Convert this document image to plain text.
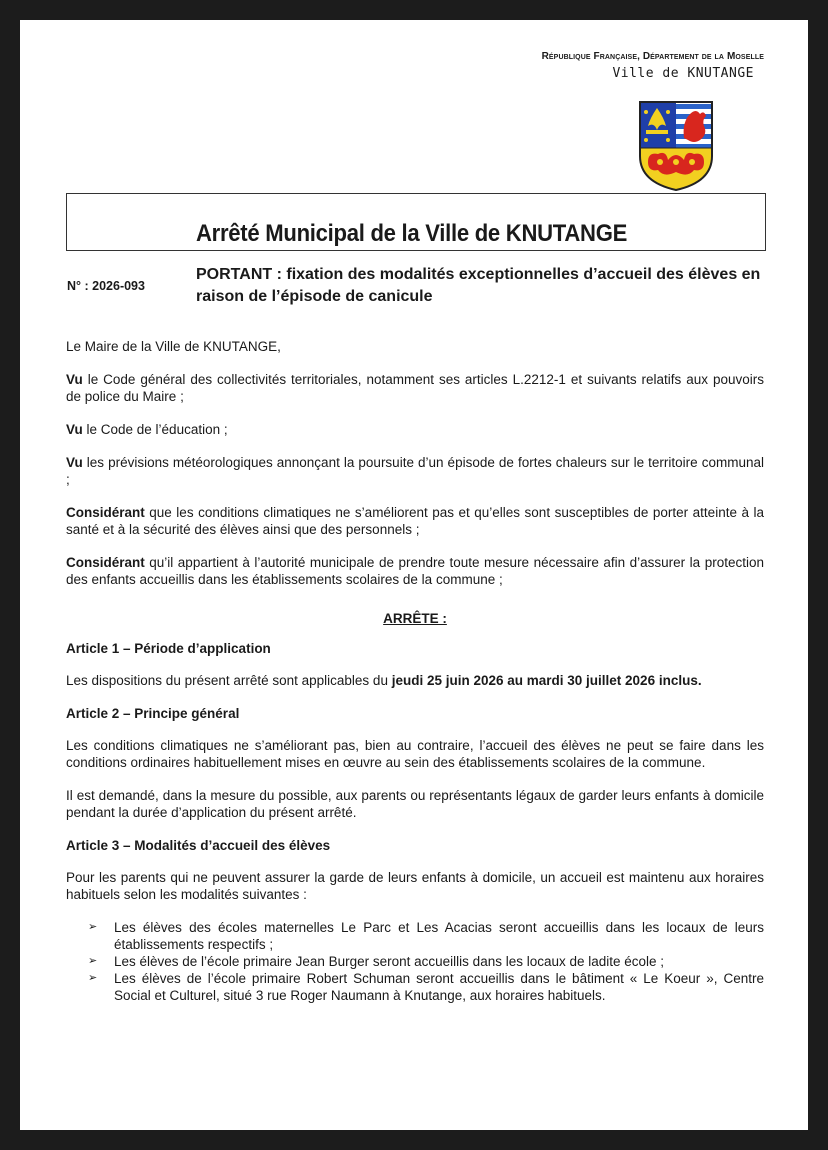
République Française, Département de la Moselle
Ville de KNUTANGE
Arrêté Municipal de la Ville de KNUTANGE
N° : 2026-093
PORTANT : fixation des modalités exceptionnelles d’accueil des élèves en raison de l’épisode de canicule

Le Maire de la Ville de KNUTANGE,

Vu le Code général des collectivités territoriales, notamment ses articles L.2212-1 et suivants relatifs aux pouvoirs de police du Maire ;

Vu le Code de l’éducation ;

Vu les prévisions météorologiques annonçant la poursuite d’un épisode de fortes chaleurs sur le territoire communal ;

Considérant que les conditions climatiques ne s’améliorent pas et qu’elles sont susceptibles de porter atteinte à la santé et à la sécurité des élèves ainsi que des personnels ;

Considérant qu’il appartient à l’autorité municipale de prendre toute mesure nécessaire afin d’assurer la protection des enfants accueillis dans les établissements scolaires de la commune ;

ARRÊTE :

Article 1 – Période d’application

Les dispositions du présent arrêté sont applicables du jeudi 25 juin 2026 au mardi 30 juillet 2026 inclus.

Article 2 – Principe général

Les conditions climatiques ne s’améliorant pas, bien au contraire, l’accueil des élèves ne peut se faire dans les conditions ordinaires habituellement mises en œuvre au sein des établissements scolaires de la commune.

Il est demandé, dans la mesure du possible, aux parents ou représentants légaux de garder leurs enfants à domicile pendant la durée d’application du présent arrêté.

Article 3 – Modalités d’accueil des élèves

Pour les parents qui ne peuvent assurer la garde de leurs enfants à domicile, un accueil est maintenu aux horaires habituels selon les modalités suivantes :

➢ Les élèves des écoles maternelles Le Parc et Les Acacias seront accueillis dans les locaux de leurs établissements respectifs ;
➢ Les élèves de l’école primaire Jean Burger seront accueillis dans les locaux de ladite école ;
➢ Les élèves de l’école primaire Robert Schuman seront accueillis dans le bâtiment « Le Koeur », Centre Social et Culturel, situé 3 rue Roger Naumann à Knutange, aux horaires habituels.
